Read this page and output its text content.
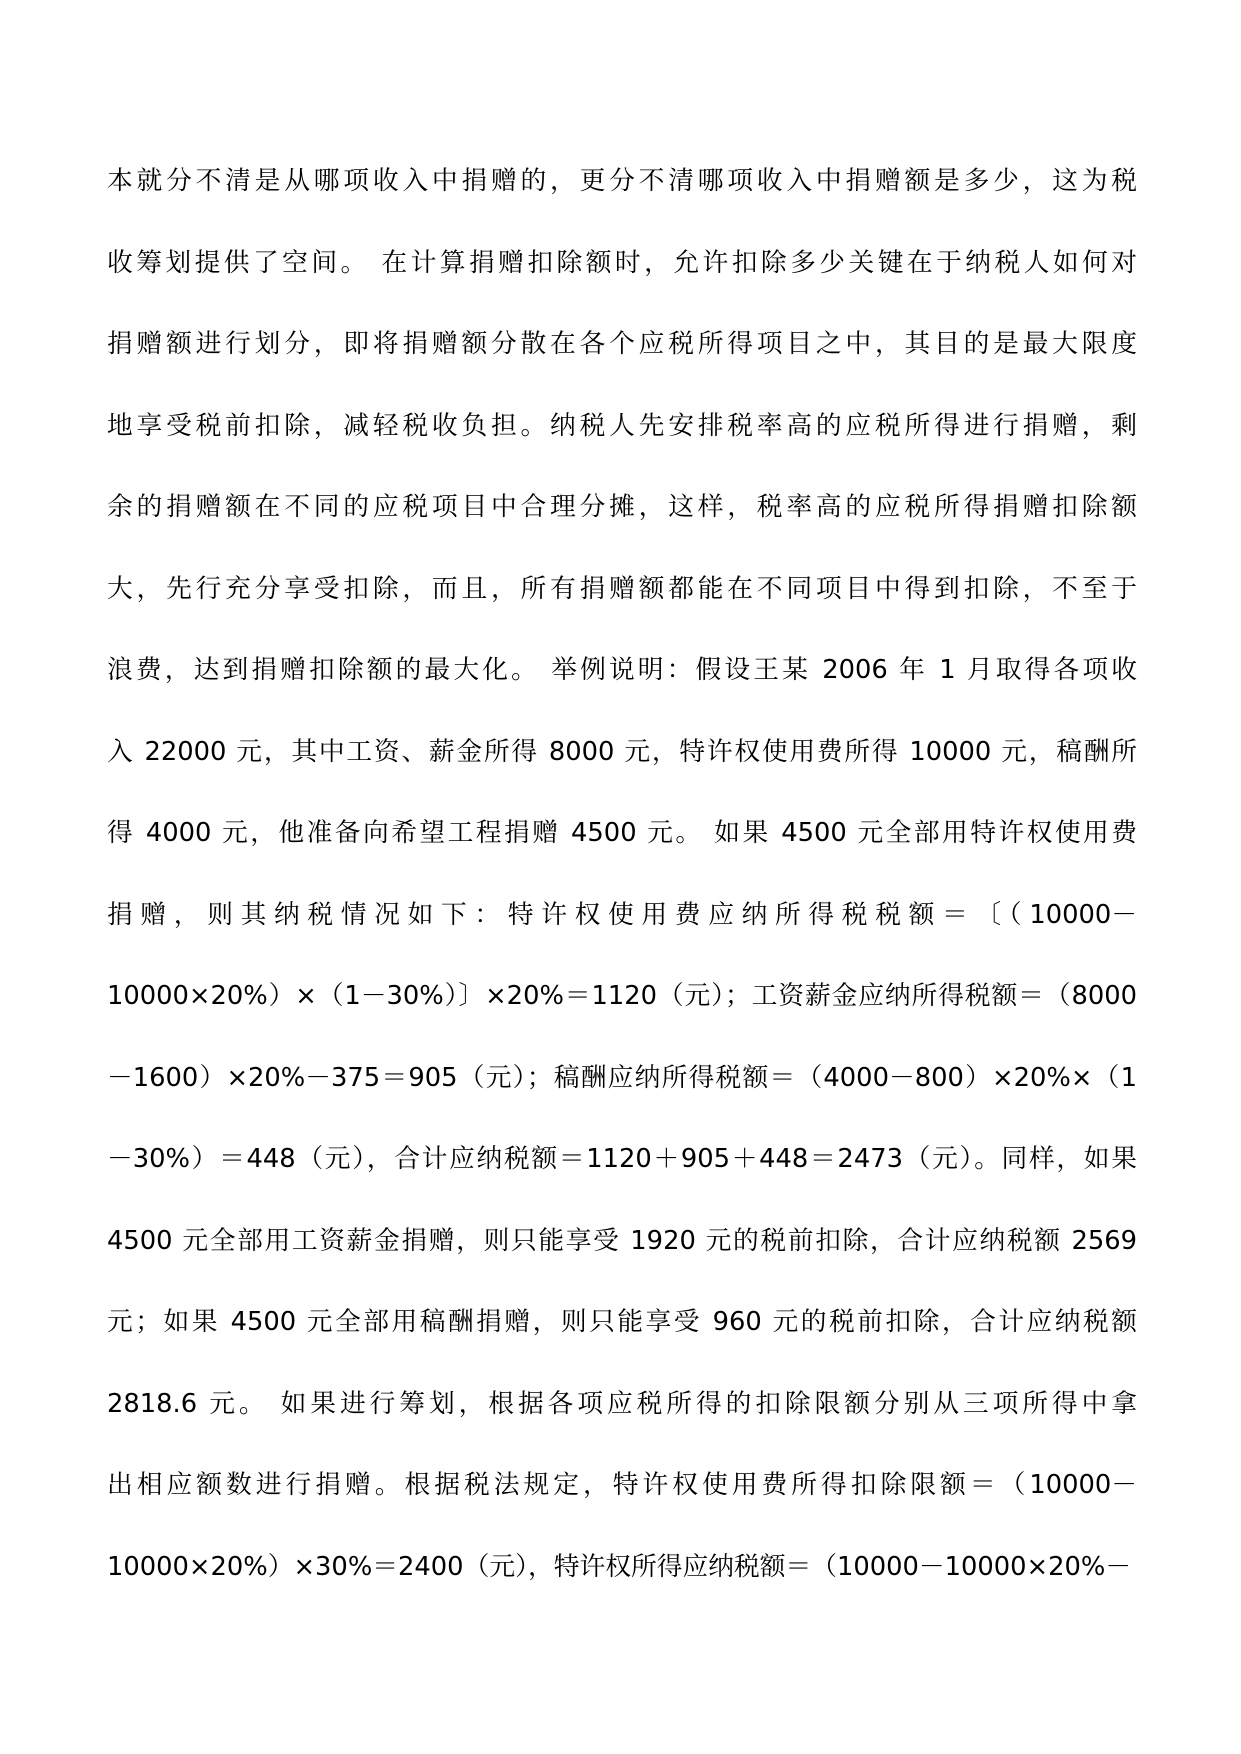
本就分不清是从哪项收入中捐赠的，更分不清哪项收入中捐赠额是多少，这为税
收筹划提供了空间。 在计算捐赠扣除额时，允许扣除多少关键在于纳税人如何对
捐赠额进行划分，即将捐赠额分散在各个应税所得项目之中，其目的是最大限度
地享受税前扣除，减轻税收负担。纳税人先安排税率高的应税所得进行捐赠，剩
余的捐赠额在不同的应税项目中合理分摊，这样，税率高的应税所得捐赠扣除额
大，先行充分享受扣除，而且，所有捐赠额都能在不同项目中得到扣除，不至于
浪费，达到捐赠扣除额的最大化。 举例说明：假设王某 2006 年 1 月取得各项收
入 22000 元，其中工资、薪金所得 8000 元，特许权使用费所得 10000 元，稿酬所
得 4000 元，他准备向希望工程捐赠 4500 元。 如果 4500 元全部用特许权使用费
捐赠，则其纳税情况如下：特许权使用费应纳所得税税额＝〔（10000－
10000×20%）×（1－30%）〕×20%＝1120（元）；工资薪金应纳所得税额＝（8000
－1600）×20%－375＝905（元）；稿酬应纳所得税额＝（4000－800）×20%×（1
－30%）＝448（元），合计应纳税额＝1120＋905＋448＝2473（元）。同样，如果
4500 元全部用工资薪金捐赠，则只能享受 1920 元的税前扣除，合计应纳税额 2569
元；如果 4500 元全部用稿酬捐赠，则只能享受 960 元的税前扣除，合计应纳税额
2818.6 元。 如果进行筹划，根据各项应税所得的扣除限额分别从三项所得中拿
出相应额数进行捐赠。根据税法规定，特许权使用费所得扣除限额＝（10000－
10000×20%）×30%＝2400（元），特许权所得应纳税额＝（10000－10000×20%－
